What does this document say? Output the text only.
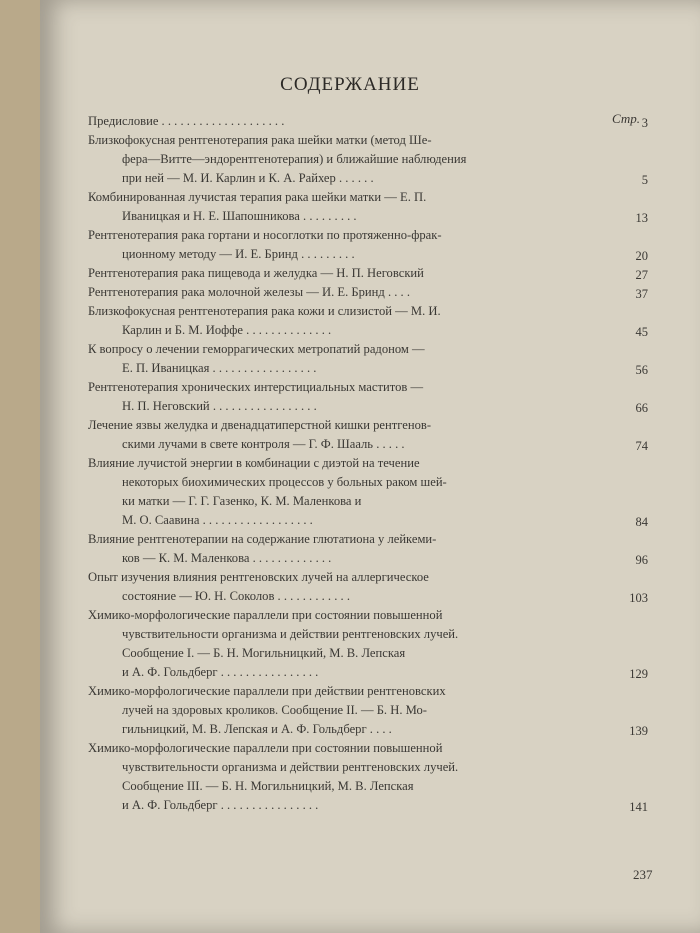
СОДЕРЖАНИЕ
Стр.
Предисловие . . . . . . . . . . . . . . . . . . . .	3
Близкофокусная рентгенотерапия рака шейки матки (метод Ше-
фера—Витте—эндорентгенотерапия) и ближайшие наблюдения
при ней — М. И. Карлин и К. А. Райхер . . . . . .	5
Комбинированная лучистая терапия рака шейки матки — Е. П.
Иваницкая и Н. Е. Шапошникова . . . . . . . . .	13
Рентгенотерапия рака гортани и носоглотки по протяженно-фрак-
ционному методу — И. Е. Бринд . . . . . . . . .	20
Рентгенотерапия рака пищевода и желудка — Н. П. Неговский	27
Рентгенотерапия рака молочной железы — И. Е. Бринд . . . .	37
Близкофокусная рентгенотерапия рака кожи и слизистой — М. И.
Карлин и Б. М. Иоффе . . . . . . . . . . . . . .	45
К вопросу о лечении геморрагических метропатий радоном —
Е. П. Иваницкая . . . . . . . . . . . . . . . . .	56
Рентгенотерапия хронических интерстициальных маститов —
Н. П. Неговский . . . . . . . . . . . . . . . . .	66
Лечение язвы желудка и двенадцатиперстной кишки рентгенов-
скими лучами в свете контроля — Г. Ф. Шааль . . . . .	74
Влияние лучистой энергии в комбинации с диэтой на течение
некоторых биохимических процессов у больных раком шей-
ки матки — Г. Г. Газенко, К. М. Маленкова и
М. О. Саавина . . . . . . . . . . . . . . . . . .	84
Влияние рентгенотерапии на содержание глютатиона у лейкеми-
ков — К. М. Маленкова . . . . . . . . . . . . .	96
Опыт изучения влияния рентгеновских лучей на аллергическое
состояние — Ю. Н. Соколов . . . . . . . . . . . .	103
Химико-морфологические параллели при состоянии повышенной
чувствительности организма и действии рентгеновских лучей.
Сообщение I. — Б. Н. Могильницкий, М. В. Лепская
и А. Ф. Гольдберг . . . . . . . . . . . . . . . .	129
Химико-морфологические параллели при действии рентгеновских
лучей на здоровых кроликов. Сообщение II. — Б. Н. Мо-
гильницкий, М. В. Лепская и А. Ф. Гольдберг . . . .	139
Химико-морфологические параллели при состоянии повышенной
чувствительности организма и действии рентгеновских лучей.
Сообщение III. — Б. Н. Могильницкий, М. В. Лепская
и А. Ф. Гольдберг . . . . . . . . . . . . . . . .	141
237
